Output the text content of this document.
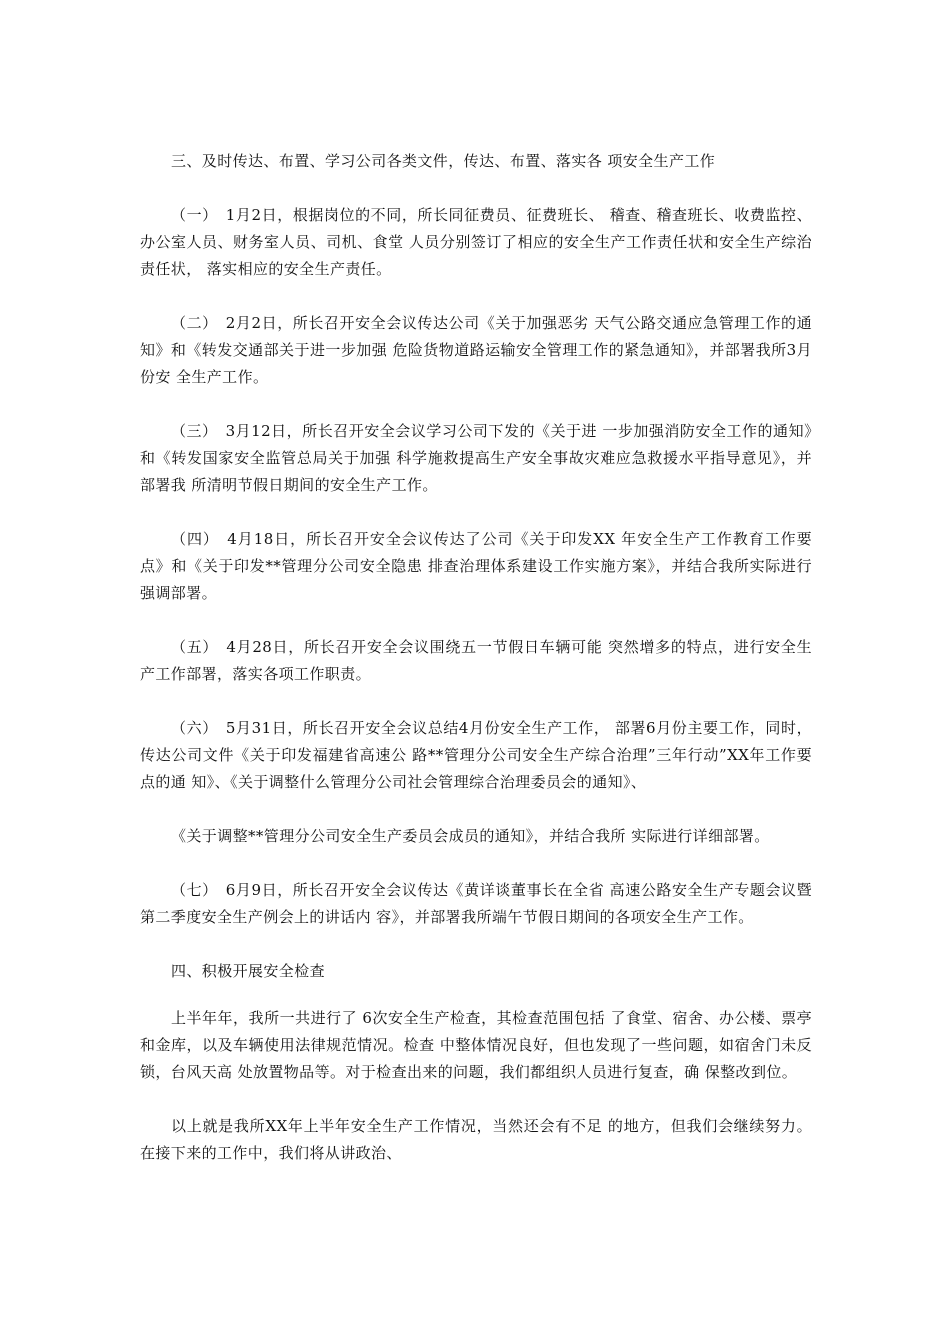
三、及时传达、布置、学习公司各类文件，传达、布置、落实各 项安全生产工作

（一）　1月2日，根据岗位的不同，所长同征费员、征费班长、 稽查、稽查班长、收费监控、办公室人员、财务室人员、司机、食堂 人员分别签订了相应的安全生产工作责任状和安全生产综治责任状， 落实相应的安全生产责任。

（二）　2月2日，所长召开安全会议传达公司《关于加强恶劣 天气公路交通应急管理工作的通知》和《转发交通部关于进一步加强 危险货物道路运输安全管理工作的紧急通知》，并部署我所3月份安 全生产工作。

（三）　3月12日，所长召开安全会议学习公司下发的《关于进 一步加强消防安全工作的通知》和《转发国家安全监管总局关于加强 科学施救提高生产安全事故灾难应急救援水平指导意见》，并部署我 所清明节假日期间的安全生产工作。

（四）　4月18日，所长召开安全会议传达了公司《关于印发XX 年安全生产工作教育工作要点》和《关于印发**管理分公司安全隐患 排查治理体系建设工作实施方案》，并结合我所实际进行强调部署。

（五）　4月28日，所长召开安全会议围绕五一节假日车辆可能 突然增多的特点，进行安全生产工作部署，落实各项工作职责。

（六）　5月31日，所长召开安全会议总结4月份安全生产工作， 部署6月份主要工作，同时，传达公司文件《关于印发福建省高速公 路**管理分公司安全生产综合治理”三年行动”XX年工作要点的通 知》、《关于调整什么管理分公司社会管理综合治理委员会的通知》、

《关于调整**管理分公司安全生产委员会成员的通知》，并结合我所 实际进行详细部署。

（七）　6月9日，所长召开安全会议传达《黄详谈董事长在全省 高速公路安全生产专题会议暨第二季度安全生产例会上的讲话内 容》，并部署我所端午节假日期间的各项安全生产工作。

四、积极开展安全检查

上半年年，我所一共进行了 6次安全生产检查，其检查范围包括 了食堂、宿舍、办公楼、票亭和金库，以及车辆使用法律规范情况。检查 中整体情况良好，但也发现了一些问题，如宿舍门未反锁，台风天高 处放置物品等。对于检查出来的问题，我们都组织人员进行复查，确 保整改到位。

以上就是我所XX年上半年安全生产工作情况，当然还会有不足 的地方，但我们会继续努力。在接下来的工作中，我们将从讲政治、
